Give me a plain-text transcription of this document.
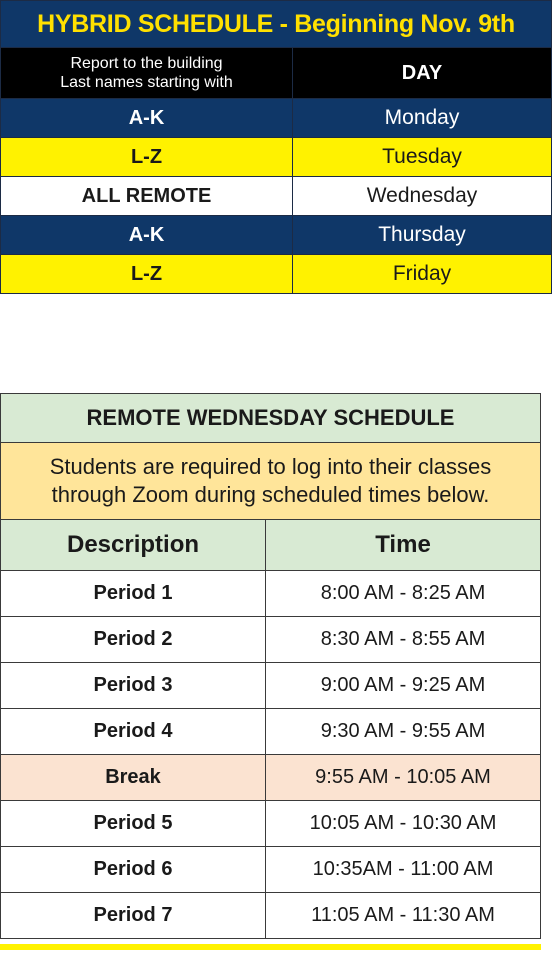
HYBRID SCHEDULE - Beginning Nov. 9th	

Report to the building
Last names starting with	DAY
A-K	Monday
L-Z	Tuesday
ALL REMOTE	Wednesday
A-K	Thursday
L-Z	Friday
REMOTE WEDNESDAY SCHEDULE	

Students are required to log into their classes
through Zoom during scheduled times below.	

Description	Time
Period 1	8:00 AM - 8:25 AM
Period 2	8:30 AM - 8:55 AM
Period 3	9:00 AM - 9:25 AM
Period 4	9:30 AM - 9:55 AM
Break	9:55 AM - 10:05 AM
Period 5	10:05 AM - 10:30 AM
Period 6	10:35AM - 11:00 AM
Period 7	11:05 AM - 11:30 AM
